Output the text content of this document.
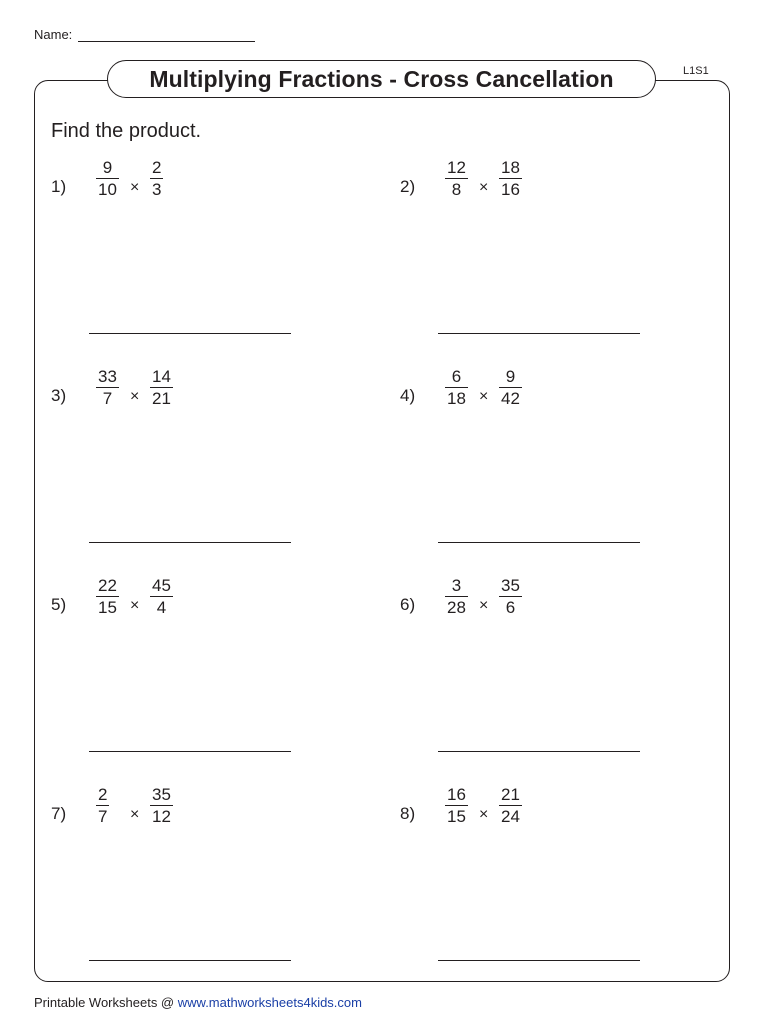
Name:
Multiplying Fractions - Cross Cancellation	L1S1
Find the product.
1)
9
10 ×
2
3	2)
12
8 ×
18
16
3)
33
7 ×
14
21	4)
6
18 ×
9
42
5)
22
15 ×
45
4	6)
3
28 ×
35
6
7)
2
7 ×
35
12	8)
16
15 ×
21
24
Printable Worksheets @ www.mathworksheets4kids.com
